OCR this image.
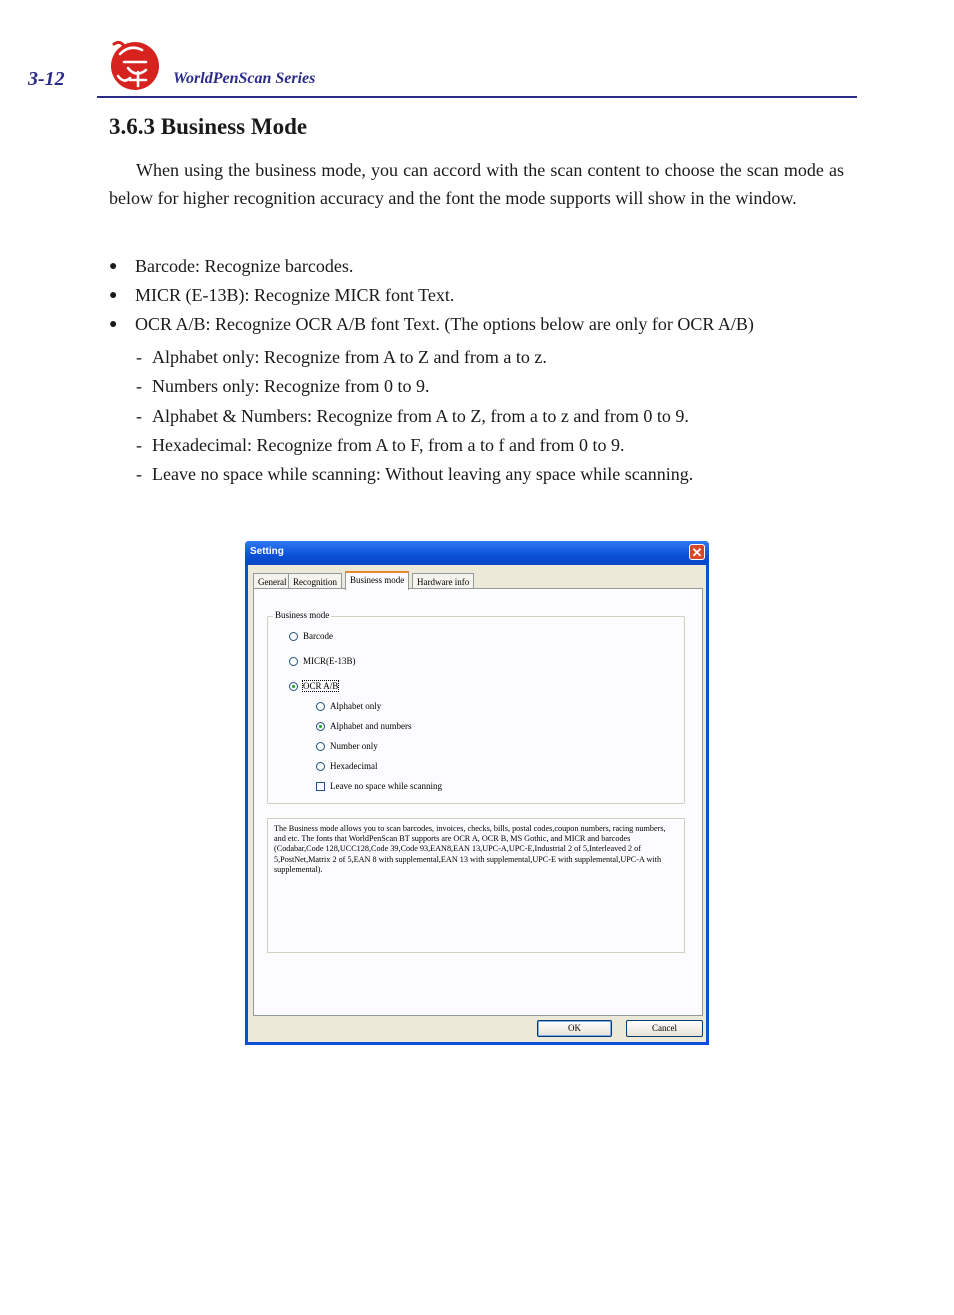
3-12	WorldPenScan Series
3.6.3 Business Mode

When using the business mode, you can accord with the scan content to choose the scan mode as below for higher recognition accuracy and the font the mode supports will show in the window.

● Barcode: Recognize barcodes.
● MICR (E-13B): Recognize MICR font Text.
● OCR A/B: Recognize OCR A/B font Text. (The options below are only for OCR A/B)
- Alphabet only: Recognize from A to Z and from a to z.
- Numbers only: Recognize from 0 to 9.
- Alphabet & Numbers: Recognize from A to Z, from a to z and from 0 to 9.
- Hexadecimal: Recognize from A to F, from a to f and from 0 to 9.
- Leave no space while scanning: Without leaving any space while scanning.
Setting	✕
General Recognition	Business mode	Hardware info
Business mode
Barcode
MICR(E-13B)
OCR A/B
Alphabet only
Alphabet and numbers
Number only
Hexadecimal
Leave no space while scanning
The Business mode allows you to scan barcodes, invoices, checks, bills, postal codes,coupon numbers, racing numbers, and etc. The fonts that WorldPenScan BT supports are OCR A, OCR B, MS Gothic, and MICR and barcodes (Codabar,Code 128,UCC128,Code 39,Code 93,EAN8,EAN 13,UPC-A,UPC-E,Industrial 2 of 5,Interleaved 2 of 5,PostNet,Matrix 2 of 5,EAN 8 with supplemental,EAN 13 with supplemental,UPC-E with supplemental,UPC-A with supplemental).
OK	Cancel
